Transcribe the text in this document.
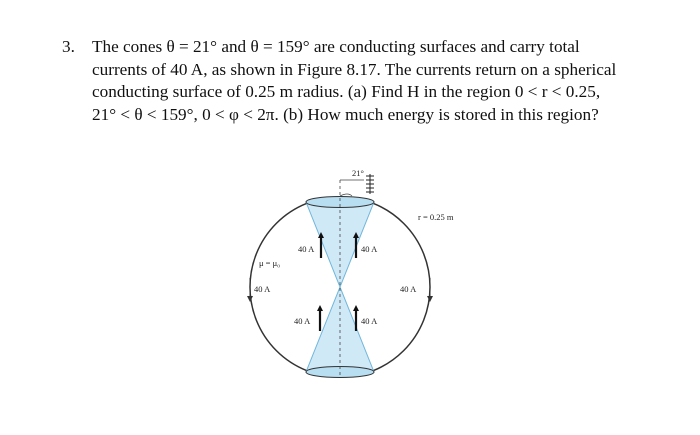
3. The cones θ = 21° and θ = 159° are conducting surfaces and carry total
currents of 40 A, as shown in Figure 8.17. The currents return on a spherical
conducting surface of 0.25 m radius. (a) Find H in the region 0 < r < 0.25,
21° < θ < 159°, 0 < φ < 2π. (b) How much energy is stored in this region?
21°
r = 0.25 m
μ = μ₀
40 A	40 A
40 A	40 A
40 A	40 A
